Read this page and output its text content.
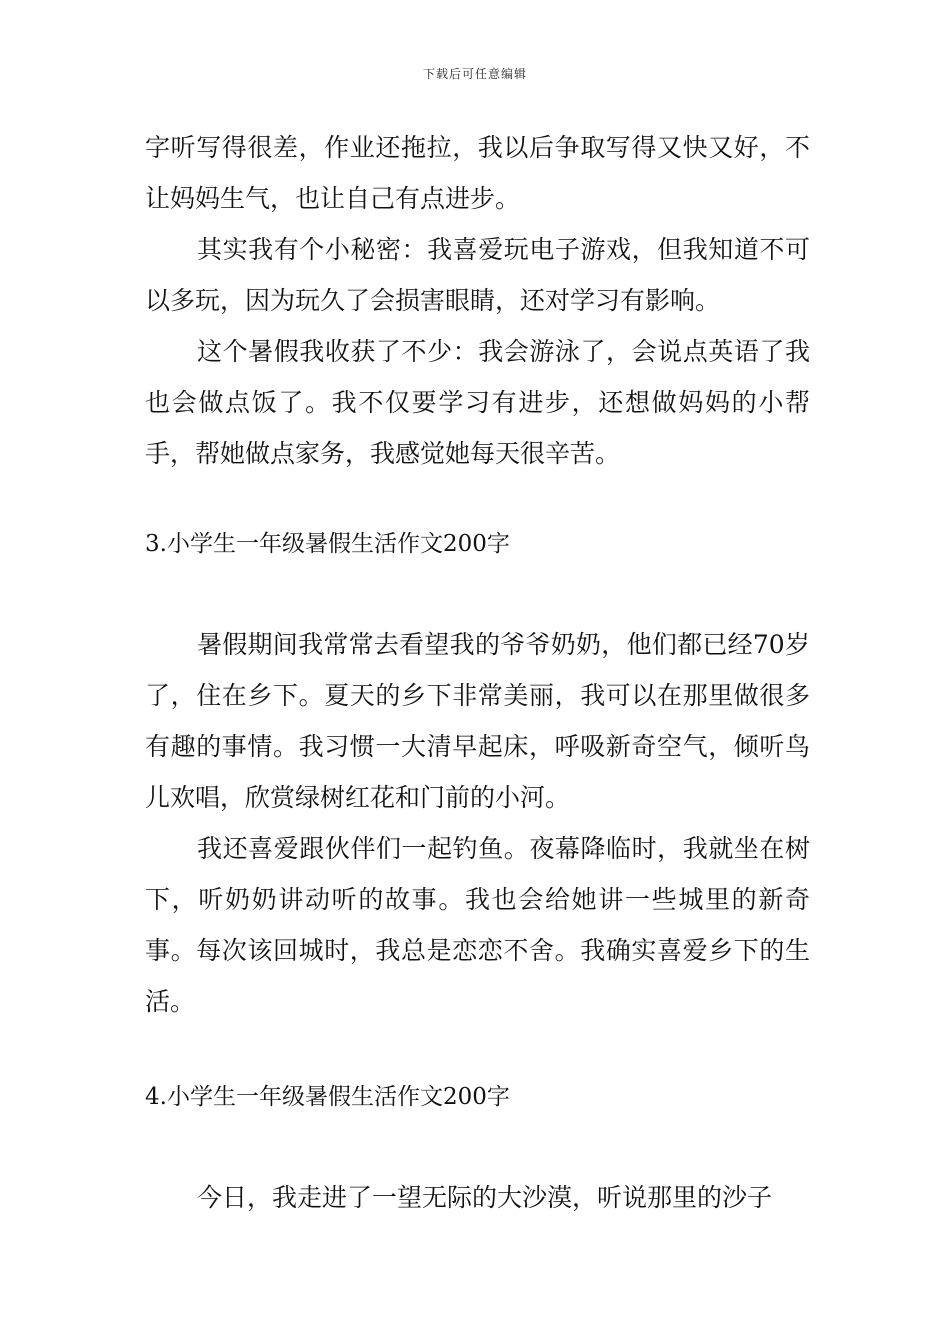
下载后可任意编辑

字听写得很差，作业还拖拉，我以后争取写得又快又好，不让妈妈生气，也让自己有点进步。

其实我有个小秘密：我喜爱玩电子游戏，但我知道不可以多玩，因为玩久了会损害眼睛，还对学习有影响。

这个暑假我收获了不少：我会游泳了，会说点英语了我也会做点饭了。我不仅要学习有进步，还想做妈妈的小帮手，帮她做点家务，我感觉她每天很辛苦。

3.小学生一年级暑假生活作文200字

暑假期间我常常去看望我的爷爷奶奶，他们都已经70岁了，住在乡下。夏天的乡下非常美丽，我可以在那里做很多有趣的事情。我习惯一大清早起床，呼吸新奇空气，倾听鸟儿欢唱，欣赏绿树红花和门前的小河。

我还喜爱跟伙伴们一起钓鱼。夜幕降临时，我就坐在树下，听奶奶讲动听的故事。我也会给她讲一些城里的新奇事。每次该回城时，我总是恋恋不舍。我确实喜爱乡下的生活。

4.小学生一年级暑假生活作文200字

今日，我走进了一望无际的大沙漠，听说那里的沙子
